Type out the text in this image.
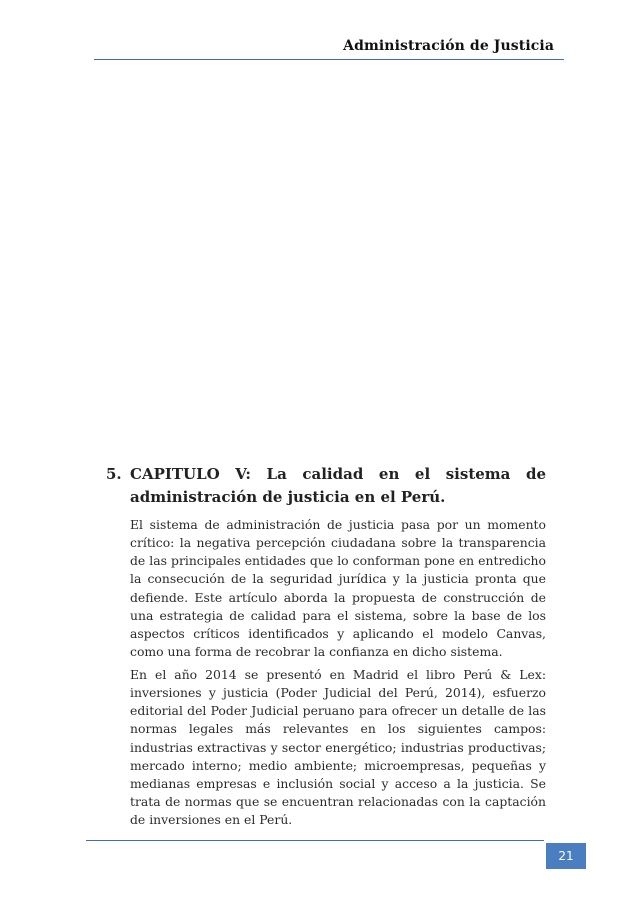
Administración de Justicia
5. CAPITULO V: La calidad en el sistema de
administración de justicia en el Perú.

El sistema de administración de justicia pasa por un momento crítico: la negativa percepción ciudadana sobre la transparencia de las principales entidades que lo conforman pone en entredicho la consecución de la seguridad jurídica y la justicia pronta que defiende. Este artículo aborda la propuesta de construcción de una estrategia de calidad para el sistema, sobre la base de los aspectos críticos identificados y aplicando el modelo Canvas, como una forma de recobrar la confianza en dicho sistema.

En el año 2014 se presentó en Madrid el libro Perú & Lex: inversiones y justicia (Poder Judicial del Perú, 2014), esfuerzo editorial del Poder Judicial peruano para ofrecer un detalle de las normas legales más relevantes en los siguientes campos: industrias extractivas y sector energético; industrias productivas; mercado interno; medio ambiente; microempresas, pequeñas y medianas empresas e inclusión social y acceso a la justicia. Se trata de normas que se encuentran relacionadas con la captación de inversiones en el Perú.

21
